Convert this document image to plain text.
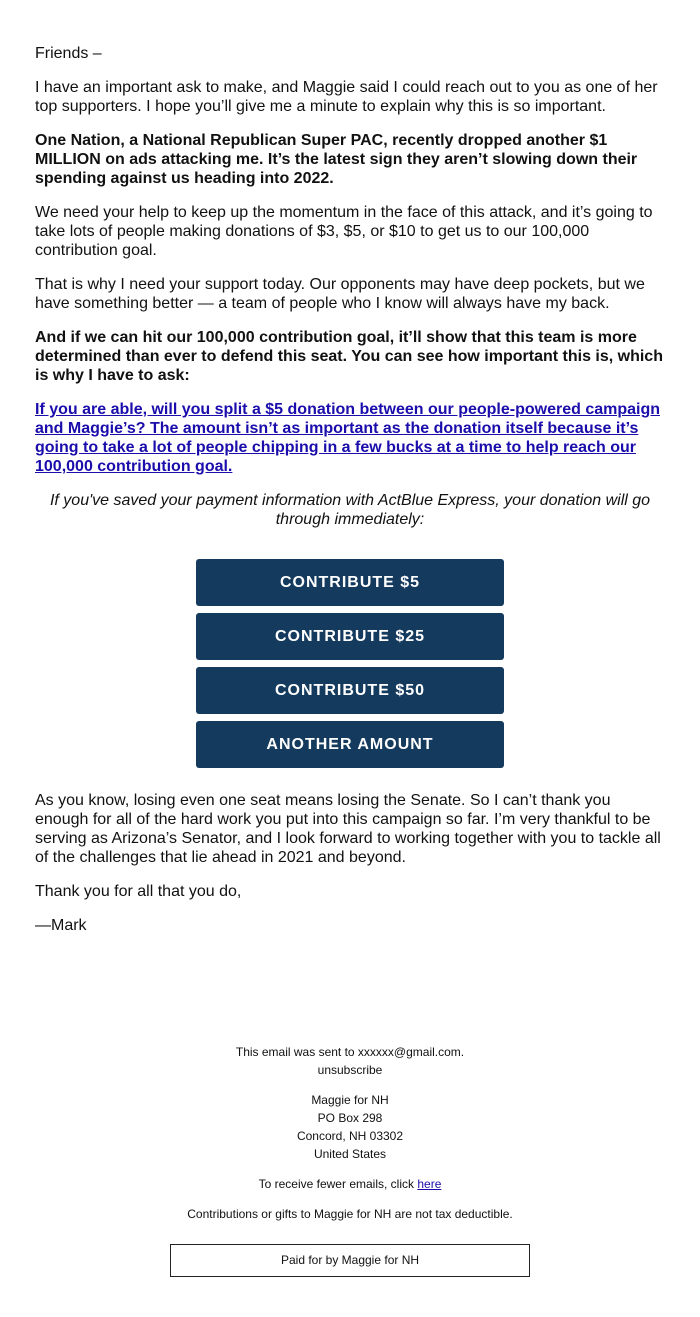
Friends –

I have an important ask to make, and Maggie said I could reach out to you as one of her top supporters. I hope you’ll give me a minute to explain why this is so important.

One Nation, a National Republican Super PAC, recently dropped another $1 MILLION on ads attacking me. It’s the latest sign they aren’t slowing down their spending against us heading into 2022.

We need your help to keep up the momentum in the face of this attack, and it’s going to take lots of people making donations of $3, $5, or $10 to get us to our 100,000 contribution goal.

That is why I need your support today. Our opponents may have deep pockets, but we have something better — a team of people who I know will always have my back.

And if we can hit our 100,000 contribution goal, it’ll show that this team is more determined than ever to defend this seat. You can see how important this is, which is why I have to ask:

If you are able, will you split a $5 donation between our people-powered campaign and Maggie’s? The amount isn’t as important as the donation itself because it’s going to take a lot of people chipping in a few bucks at a time to help reach our 100,000 contribution goal.

If you've saved your payment information with ActBlue Express, your donation will go through immediately:

CONTRIBUTE $5
CONTRIBUTE $25
CONTRIBUTE $50
ANOTHER AMOUNT

As you know, losing even one seat means losing the Senate. So I can’t thank you enough for all of the hard work you put into this campaign so far. I’m very thankful to be serving as Arizona’s Senator, and I look forward to working together with you to tackle all of the challenges that lie ahead in 2021 and beyond.

Thank you for all that you do,

—Mark

This email was sent to xxxxxx@gmail.com.
unsubscribe
Maggie for NH
PO Box 298
Concord, NH 03302
United States
To receive fewer emails, click here
Contributions or gifts to Maggie for NH are not tax deductible.
Paid for by Maggie for NH
